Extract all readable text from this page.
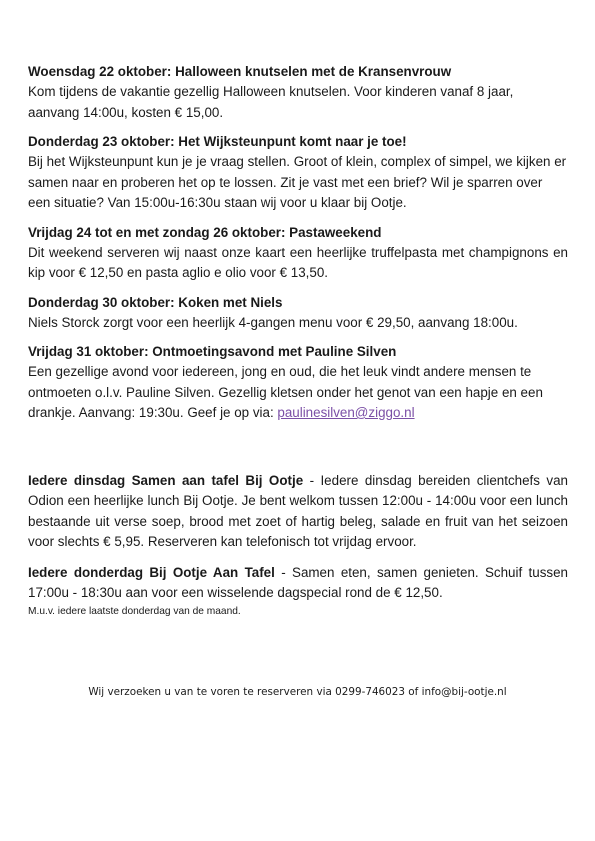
Woensdag 22 oktober: Halloween knutselen met de Kransenvrouw

Kom tijdens de vakantie gezellig Halloween knutselen. Voor kinderen vanaf 8 jaar, aanvang 14:00u, kosten € 15,00.

Donderdag 23 oktober: Het Wijksteunpunt komt naar je toe!

Bij het Wijksteunpunt kun je je vraag stellen. Groot of klein, complex of simpel, we kijken er samen naar en proberen het op te lossen. Zit je vast met een brief? Wil je sparren over een situatie? Van 15:00u-16:30u staan wij voor u klaar bij Ootje.

Vrijdag 24 tot en met zondag 26 oktober: Pastaweekend

Dit weekend serveren wij naast onze kaart een heerlijke truffelpasta met champignons en kip voor € 12,50 en pasta aglio e olio voor € 13,50.

Donderdag 30 oktober: Koken met Niels

Niels Storck zorgt voor een heerlijk 4-gangen menu voor € 29,50, aanvang 18:00u.

Vrijdag 31 oktober: Ontmoetingsavond met Pauline Silven

Een gezellige avond voor iedereen, jong en oud, die het leuk vindt andere mensen te ontmoeten o.l.v. Pauline Silven. Gezellig kletsen onder het genot van een hapje en een drankje. Aanvang: 19:30u. Geef je op via: paulinesilven@ziggo.nl

Iedere dinsdag Samen aan tafel Bij Ootje - Iedere dinsdag bereiden clientchefs van Odion een heerlijke lunch Bij Ootje. Je bent welkom tussen 12:00u - 14:00u voor een lunch bestaande uit verse soep, brood met zoet of hartig beleg, salade en fruit van het seizoen voor slechts € 5,95. Reserveren kan telefonisch tot vrijdag ervoor.

Iedere donderdag Bij Ootje Aan Tafel - Samen eten, samen genieten. Schuif tussen 17:00u - 18:30u aan voor een wisselende dagspecial rond de € 12,50.

M.u.v. iedere laatste donderdag van de maand.

Wij verzoeken u van te voren te reserveren via 0299-746023 of info@bij-ootje.nl
